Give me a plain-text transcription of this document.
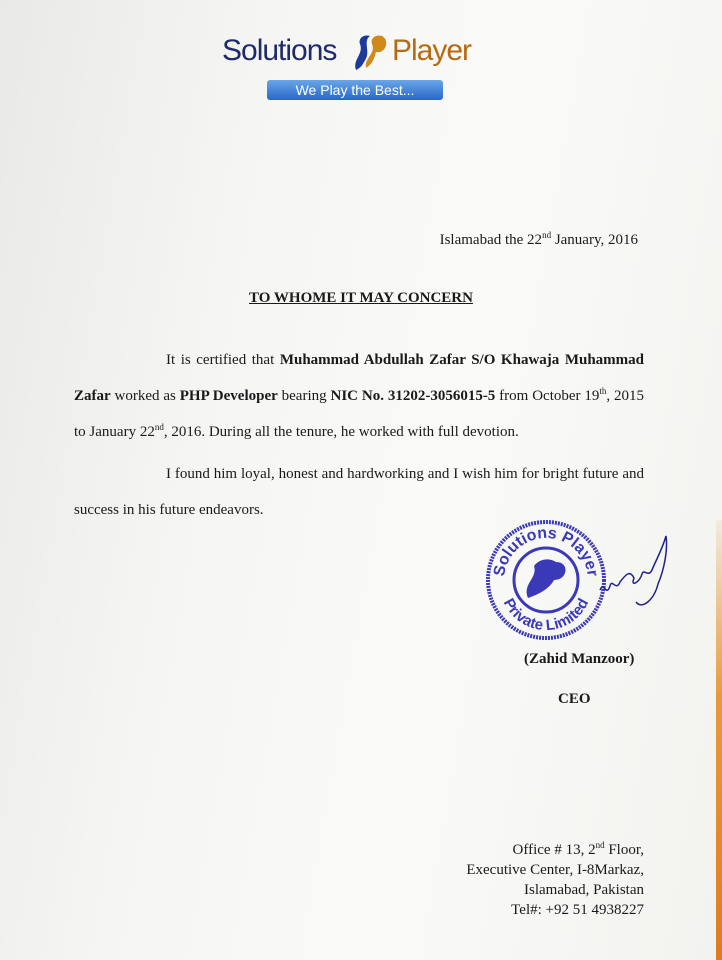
Solutions Player
We Play the Best...
Islamabad the 22nd January, 2016
TO WHOME IT MAY CONCERN

It is certified that Muhammad Abdullah Zafar S/O Khawaja Muhammad Zafar worked as PHP Developer bearing NIC No. 31202-3056015-5 from October 19th, 2015 to January 22nd, 2016. During all the tenure, he worked with full devotion.

I found him loyal, honest and hardworking and I wish him for bright future and success in his future endeavors.

Solutions Player
Private Limited
(Zahid Manzoor)
CEO
Office # 13, 2nd Floor,
Executive Center, I-8Markaz,
Islamabad, Pakistan
Tel#: +92 51 4938227
